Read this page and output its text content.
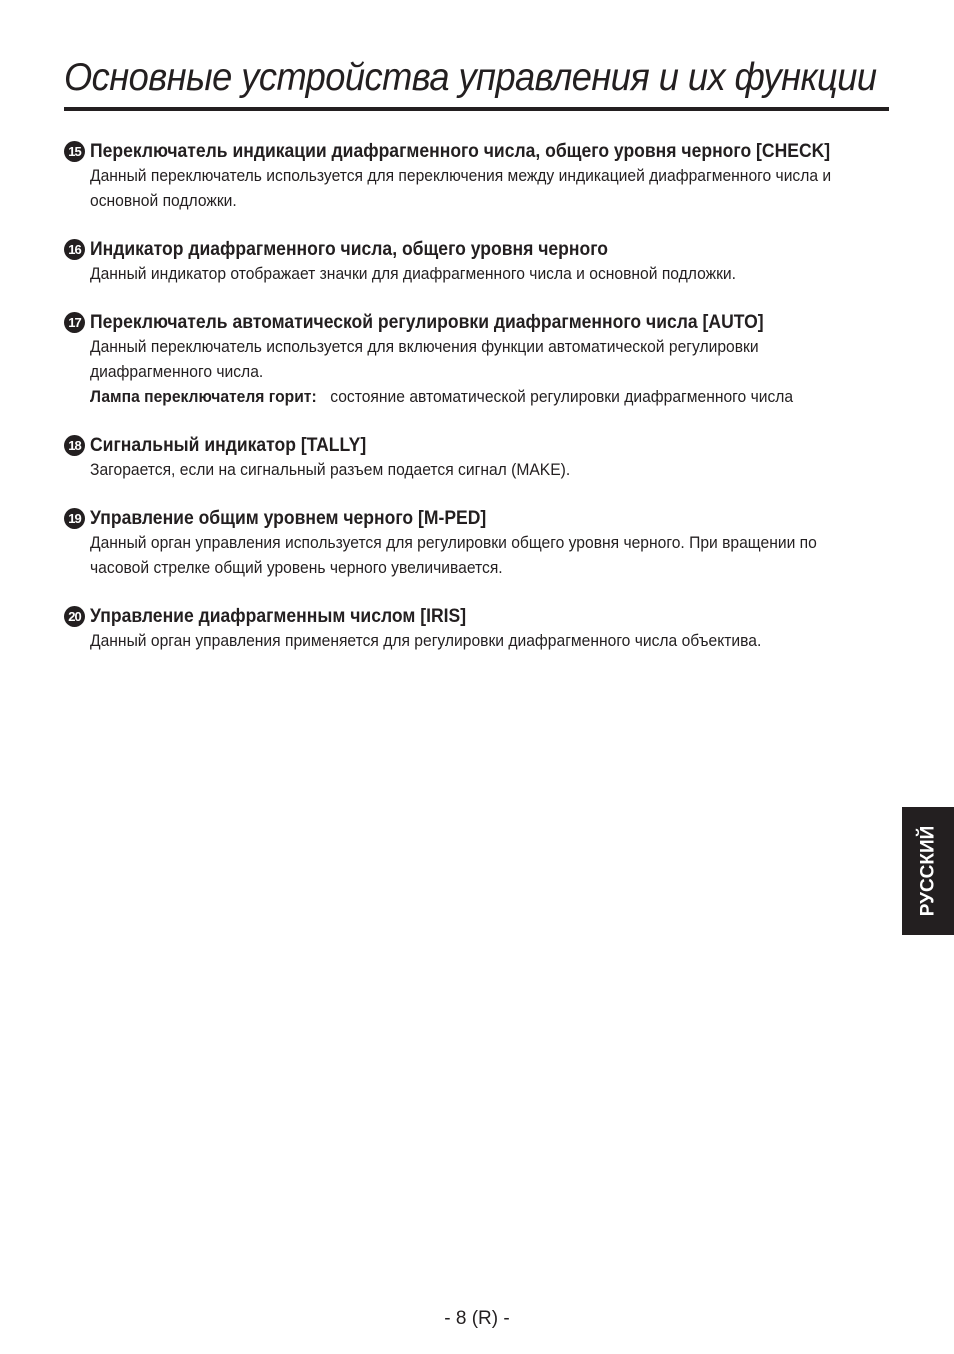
Основные устройства управления и их функции
15 Переключатель индикации диафрагменного числа, общего уровня черного [CHECK]

Данный переключатель используется для переключения между индикацией диафрагменного числа и

основной подложки.

16 Индикатор диафрагменного числа, общего уровня черного

Данный индикатор отображает значки для диафрагменного числа и основной подложки.

17 Переключатель автоматической регулировки диафрагменного числа [AUTO]

Данный переключатель используется для включения функции автоматической регулировки

диафрагменного числа.

Лампа переключателя горит: состояние автоматической регулировки диафрагменного числа

18 Сигнальный индикатор [TALLY]

Загорается, если на сигнальный разъем подается сигнал (MAKE).

19 Управление общим уровнем черного [M-PED]

Данный орган управления используется для регулировки общего уровня черного. При вращении по

часовой стрелке общий уровень черного увеличивается.

20 Управление диафрагменным числом [IRIS]

Данный орган управления применяется для регулировки диафрагменного числа объектива.

РУССКИЙ
- 8 (R) -
